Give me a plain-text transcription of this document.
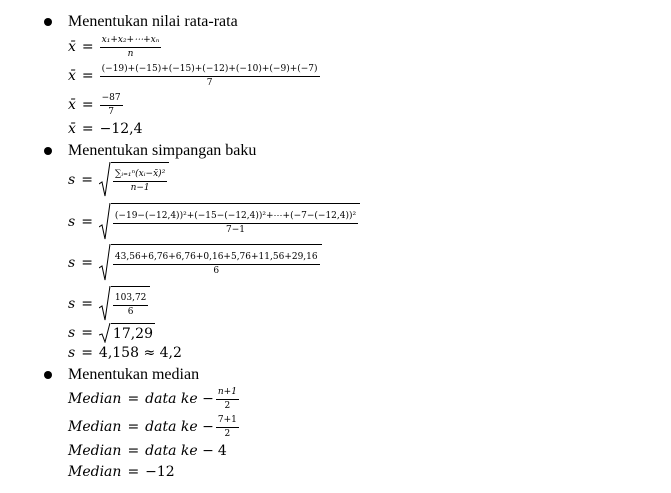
Menentukan nilai rata-rata
x̄ = $\frac{\text{x₁+x₂+⋯+xₙ}}{n}$
x̄ = $\frac{(-19)+(-15)+(-15)+(-12)+(-10)+(-9)+(-7)}{7}$
x̄ = $\frac{-87}{7}$
x̄ = −12,4
Menentukan simpangan baku
$s = \frac{\text{∑ᵢ₌₁ⁿ(xᵢ−x̄)²}}{n-1}$
$s = \frac{\text{(−19−(−12,4))²+(−15−(−12,4))²+⋯+(−7−(−12,4))²}}{7-1}$
$s = \frac{43,56+6,76+6,76+0,16+5,76+11,56+29,16}{6}$
$s = \frac{103,72}{6}$
s = 17,29
s = 4,158 ≈ 4,2
Menentukan median
Median = data ke − $\frac{n+1}{2}$
Median = data ke − $\frac{7+1}{2}$
Median = data ke − 4
Median = −12
